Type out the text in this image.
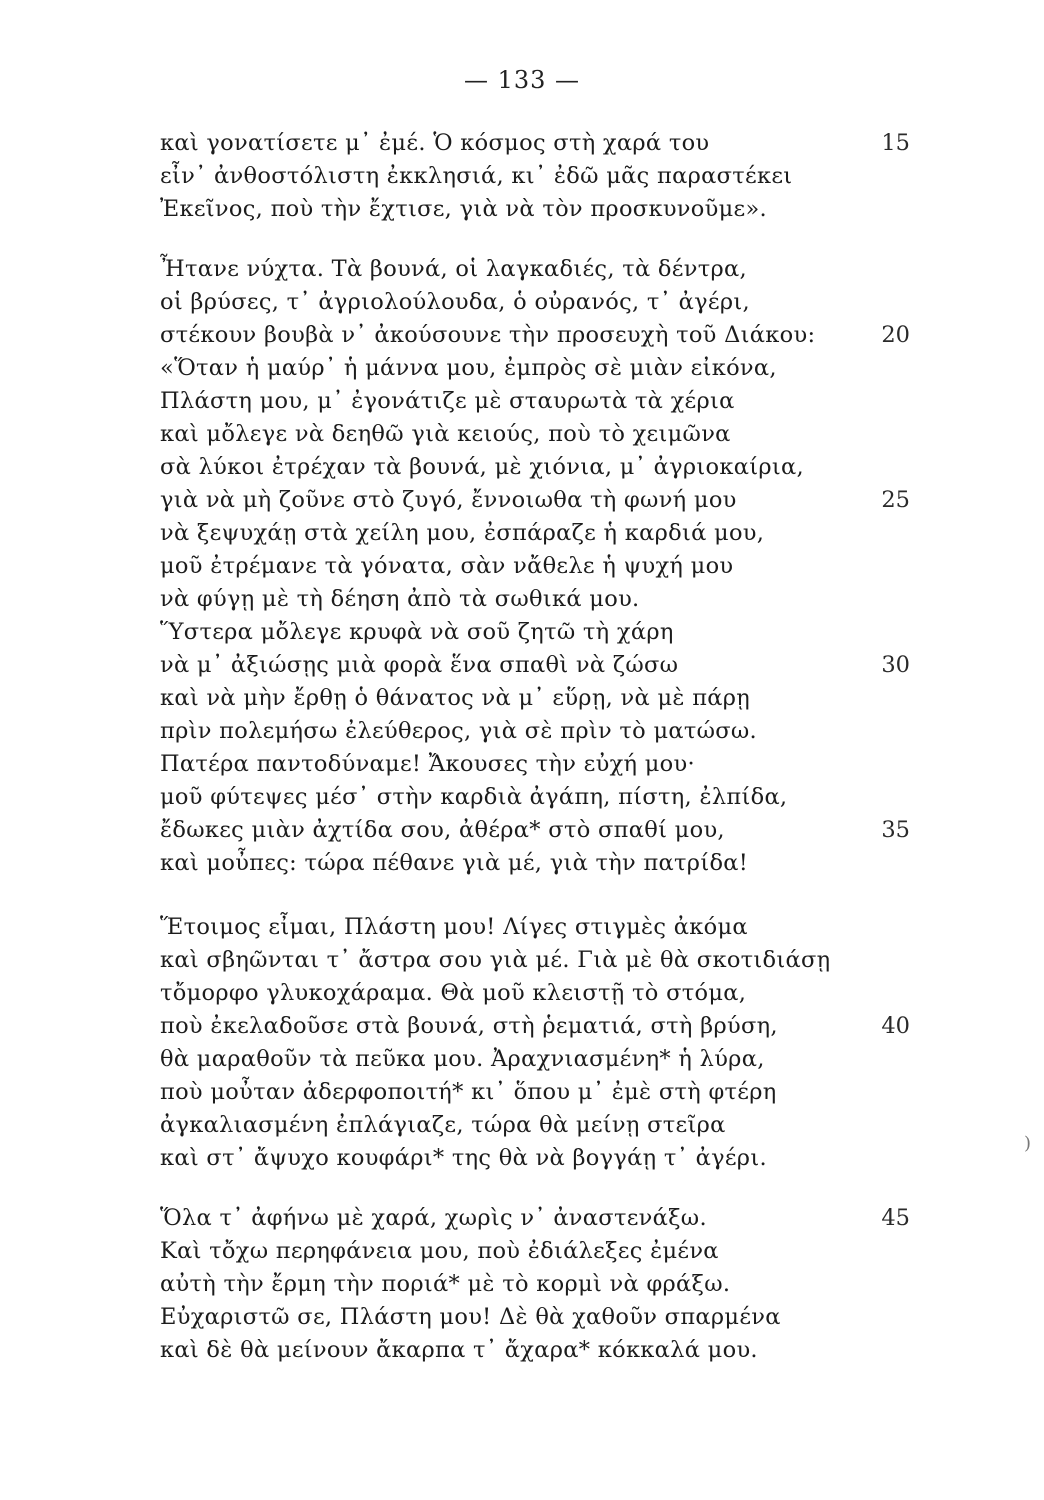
— 133 —
καὶ γονατίσετε μ᾽ ἐμέ. Ὁ κόσμος στὴ χαρά του
εἶν᾽ ἀνθοστόλιστη ἐκκλησιά, κι᾽ ἐδῶ μᾶς παραστέκει
Ἐκεῖνος, ποὺ τὴν ἔχτισε, γιὰ νὰ τὸν προσκυνοῦμε».
Ἦτανε νύχτα. Τὰ βουνά, οἱ λαγκαδιές, τὰ δέντρα,
οἱ βρύσες, τ᾽ ἀγριολούλουδα, ὁ οὐρανός, τ᾽ ἀγέρι,
στέκουν βουβὰ ν᾽ ἀκούσουνε τὴν προσευχὴ τοῦ Διάκου:
«Ὅταν ἡ μαύρ᾽ ἡ μάννα μου, ἐμπρὸς σὲ μιὰν εἰκόνα,
Πλάστη μου, μ᾽ ἐγονάτιζε μὲ σταυρωτὰ τὰ χέρια
καὶ μὄλεγε νὰ δεηθῶ γιὰ κειούς, ποὺ τὸ χειμῶνα
σὰ λύκοι ἐτρέχαν τὰ βουνά, μὲ χιόνια, μ᾽ ἀγριοκαίρια,
γιὰ νὰ μὴ ζοῦνε στὸ ζυγό, ἔννοιωθα τὴ φωνή μου
νὰ ξεψυχάῃ στὰ χείλη μου, ἐσπάραζε ἡ καρδιά μου,
μοῦ ἐτρέμανε τὰ γόνατα, σὰν νἄθελε ἡ ψυχή μου
νὰ φύγῃ μὲ τὴ δέηση ἀπὸ τὰ σωθικά μου.
Ὕστερα μὄλεγε κρυφὰ νὰ σοῦ ζητῶ τὴ χάρη
νὰ μ᾽ ἀξιώσῃς μιὰ φορὰ ἕνα σπαθὶ νὰ ζώσω
καὶ νὰ μὴν ἔρθῃ ὁ θάνατος νὰ μ᾽ εὕρῃ, νὰ μὲ πάρῃ
πρὶν πολεμήσω ἐλεύθερος, γιὰ σὲ πρὶν τὸ ματώσω.
Πατέρα παντοδύναμε! Ἄκουσες τὴν εὐχή μου·
μοῦ φύτεψες μέσ᾽ στὴν καρδιὰ ἀγάπη, πίστη, ἐλπίδα,
ἔδωκες μιὰν ἀχτίδα σου, ἀθέρα* στὸ σπαθί μου,
καὶ μοὖπες: τώρα πέθανε γιὰ μέ, γιὰ τὴν πατρίδα!
Ἕτοιμος εἶμαι, Πλάστη μου! Λίγες στιγμὲς ἀκόμα
καὶ σβηῶνται τ᾽ ἄστρα σου γιὰ μέ. Γιὰ μὲ θὰ σκοτιδιάσῃ
τὄμορφο γλυκοχάραμα. Θὰ μοῦ κλειστῇ τὸ στόμα,
ποὺ ἐκελαδοῦσε στὰ βουνά, στὴ ῥεματιά, στὴ βρύση,
θὰ μαραθοῦν τὰ πεῦκα μου. Ἀραχνιασμένη* ἡ λύρα,
ποὺ μοὖταν ἀδερφοποιτή* κι᾽ ὅπου μ᾽ ἐμὲ στὴ φτέρη
ἀγκαλιασμένη ἐπλάγιαζε, τώρα θὰ μείνῃ στεῖρα
καὶ στ᾽ ἄψυχο κουφάρι* της θὰ νὰ βογγάῃ τ᾽ ἀγέρι.
Ὅλα τ᾽ ἀφήνω μὲ χαρά, χωρὶς ν᾽ ἀναστενάξω.
Καὶ τὄχω περηφάνεια μου, ποὺ ἐδιάλεξες ἐμένα
αὐτὴ τὴν ἔρμη τὴν ποριά* μὲ τὸ κορμὶ νὰ φράξω.
Εὐχαριστῶ σε, Πλάστη μου! Δὲ θὰ χαθοῦν σπαρμένα
καὶ δὲ θὰ μείνουν ἄκαρπα τ᾽ ἄχαρα* κόκκαλά μου.
15
20
25
30
35
40
45
)
